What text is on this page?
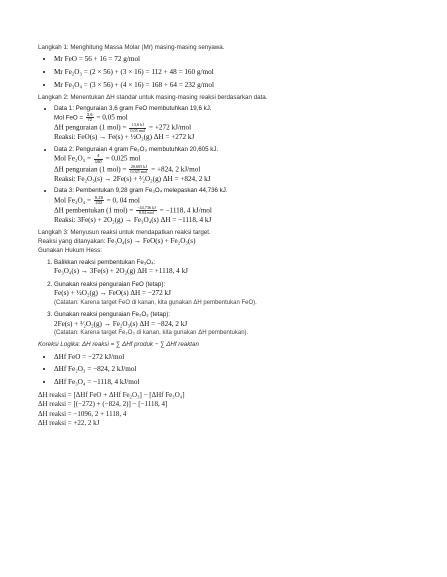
Langkah 1: Menghitung Massa Molar (Mr) masing-masing senyawa.

• Mr FeO = 56 + 16 = 72 g/mol
• Mr Fe₂O₃ = (2 × 56) + (3 × 16) = 112 + 48 = 160 g/mol
• Mr Fe₃O₄ = (3 × 56) + (4 × 16) = 168 + 64 = 232 g/mol

Langkah 2: Menentukan ΔH standar untuk masing-masing reaksi berdasarkan data.

• Data 1: Penguraian 3,6 gram FeO membutuhkan 19,6 kJ.
Mol FeO = $\frac{3,6}{72} = 0,05$ mol
ΔH penguraian (1 $mol) = \frac{13,6 kJ}{\text{0,05 mol}} = +272$ kJ/mol
Reaksi: FeO(s) → Fe(s) + ½O₂(g) ΔH = +272 kJ
• Data 2: Penguraian 4 gram Fe₂O₃ membutuhkan 20,605 kJ.
Mol $Fe_2O_3 = \frac{4}{160} = 0,025$ mol
ΔH penguraian (1 $mol) = \frac{20,605 kJ}{\text{0,025 mol}} = +824$, 2 kJ/mol
Reaksi: Fe₂O₃(s) → 2Fe(s) + ³⁄₂O₂(g) ΔH = +824, 2 kJ
• Data 3: Pembentukan 9,28 gram Fe₃O₄ melepaskan 44,736 kJ.
Mol $Fe_3O_4 = \frac{9,28}{232} = 0$, 04 mol
ΔH pembentukan (1 $mol) = \frac{-44,736 kJ}{\text{0,04 mol}} = -1118$, 4 kJ/mol
Reaksi: 3Fe(s) + 2O₂(g) → Fe₃O₄(s) ΔH = −1118, 4 kJ

Langkah 3: Menyusun reaksi untuk mendapatkan reaksi target.

Reaksi yang ditanyakan: Fe₃O₄(s) → FeO(s) + Fe₂O₃(s)

Gunakan Hukum Hess:

1. Balikkan reaksi pembentukan Fe₃O₄:
Fe₃O₄(s) → 3Fe(s) + 2O₂(g) ΔH = +1118, 4 kJ
2. Gunakan reaksi penguraian FeO (tetap):
Fe(s) + ½O₂(g) → FeO(s) ΔH = −272 kJ
(Catatan: Karena target FeO di kanan, kita gunakan ΔH pembentukan FeO).
3. Gunakan reaksi penguraian Fe₂O₃ (tetap):
2Fe(s) + ³⁄₂O₂(g) → Fe₂O₃(s) ΔH = −824, 2 kJ
(Catatan: Karena target Fe₂O₃ di kanan, kita gunakan ΔH pembentukan).

Koreksi Logika: ΔH reaksi = ∑ ΔHf produk − ∑ ΔHf reaktan

• ΔHf FeO = −272 kJ/mol
• ΔHf Fe₂O₃ = −824, 2 kJ/mol
• ΔHf Fe₃O₄ = −1118, 4 kJ/mol
ΔH reaksi = [ΔHf FeO + ΔHf Fe₂O₃] − [ΔHf Fe₃O₄]
ΔH reaksi = [(−272) + (−824, 2)] − [−1118, 4]
ΔH reaksi = −1096, 2 + 1118, 4
ΔH reaksi = +22, 2 kJ
